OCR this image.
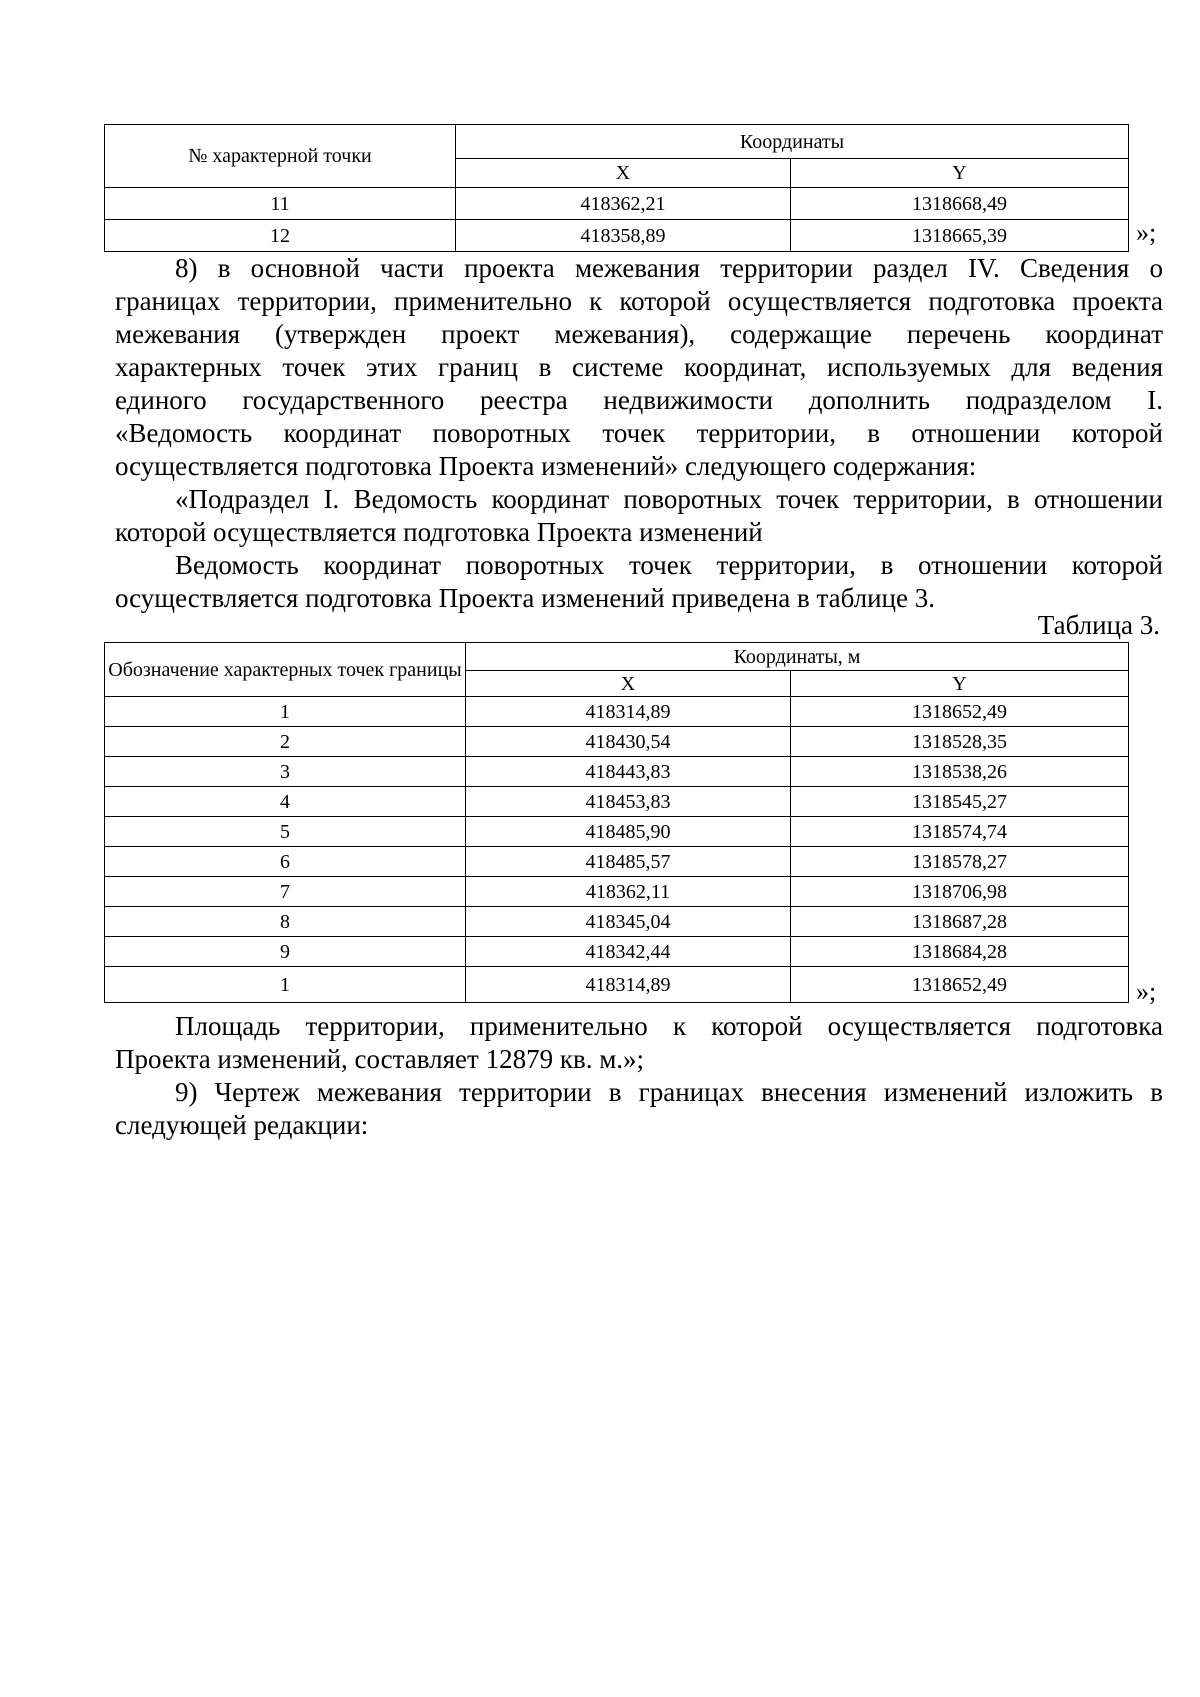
№ характерной точки	Координаты	
	X	Y
11	418362,21	1318668,49
12	418358,89	1318665,39	»;
8) в основной части проекта межевания территории раздел IV. Сведения о
границах территории, применительно к которой осуществляется подготовка проекта
межевания (утвержден проект межевания), содержащие перечень координат
характерных точек этих границ в системе координат, используемых для ведения
единого государственного реестра недвижимости дополнить подразделом I.
«Ведомость координат поворотных точек территории, в отношении которой
осуществляется подготовка Проекта изменений» следующего содержания:
«Подраздел I. Ведомость координат поворотных точек территории, в отношении
которой осуществляется подготовка Проекта изменений
Ведомость координат поворотных точек территории, в отношении которой
осуществляется подготовка Проекта изменений приведена в таблице 3.
Таблица 3.
Обозначение характерных точек границы	Координаты, м	
	X	Y
1	418314,89	1318652,49
2	418430,54	1318528,35
3	418443,83	1318538,26
4	418453,83	1318545,27
5	418485,90	1318574,74
6	418485,57	1318578,27
7	418362,11	1318706,98
8	418345,04	1318687,28
9	418342,44	1318684,28
1	418314,89	1318652,49	»;
Площадь территории, применительно к которой осуществляется подготовка
Проекта изменений, составляет 12879 кв. м.»;
9) Чертеж межевания территории в границах внесения изменений изложить в
следующей редакции:
